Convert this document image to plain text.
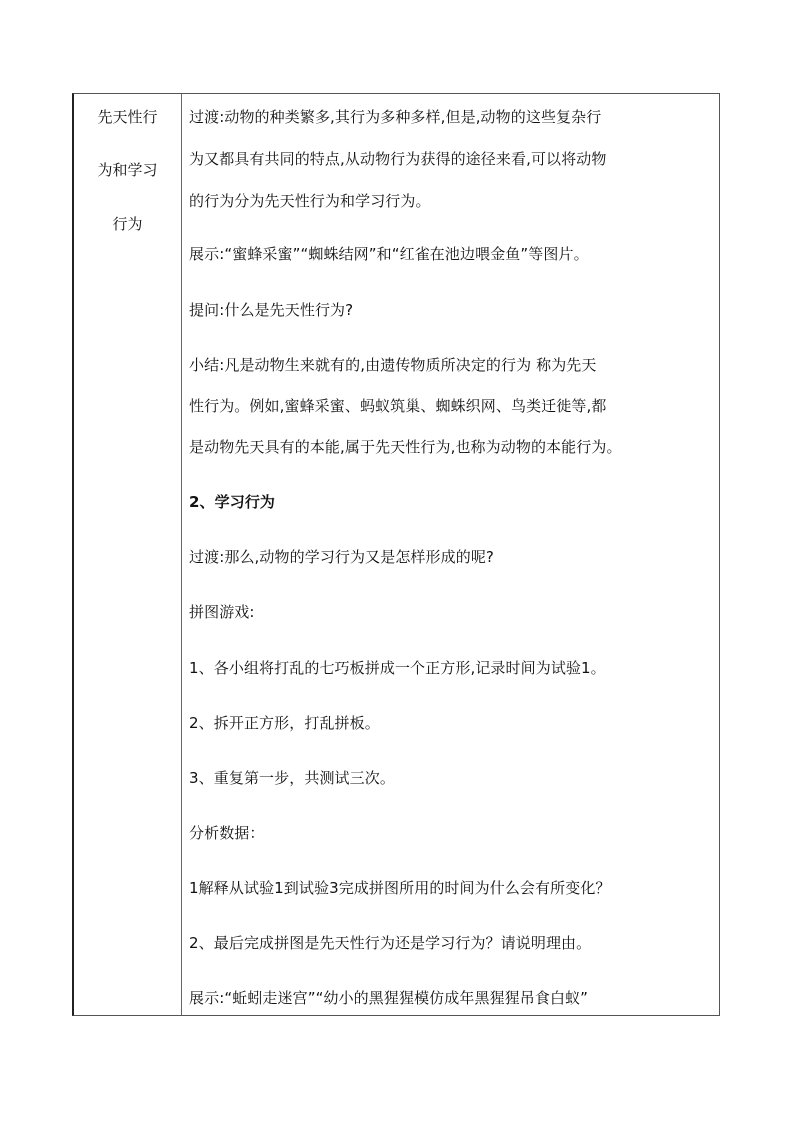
先天性行
为和学习
行为
过渡:动物的种类繁多,其行为多种多样,但是,动物的这些复杂行
为又都具有共同的特点,从动物行为获得的途径来看,可以将动物
的行为分为先天性行为和学习行为。
展示:“蜜蜂采蜜”“蜘蛛结网”和“红雀在池边喂金鱼”等图片。
提问:什么是先天性行为?
小结:凡是动物生来就有的,由遗传物质所决定的行为 称为先天
性行为。例如,蜜蜂采蜜、蚂蚁筑巢、蜘蛛织网、鸟类迁徙等,都
是动物先天具有的本能,属于先天性行为,也称为动物的本能行为。
2、学习行为
过渡:那么,动物的学习行为又是怎样形成的呢?
拼图游戏:
1、各小组将打乱的七巧板拼成一个正方形,记录时间为试验1。
2、拆开正方形，打乱拼板。
3、重复第一步，共测试三次。
分析数据：
1解释从试验1到试验3完成拼图所用的时间为什么会有所变化？
2、最后完成拼图是先天性行为还是学习行为？请说明理由。
展示:“蚯蚓走迷宫”“幼小的黑猩猩模仿成年黑猩猩吊食白蚁”
